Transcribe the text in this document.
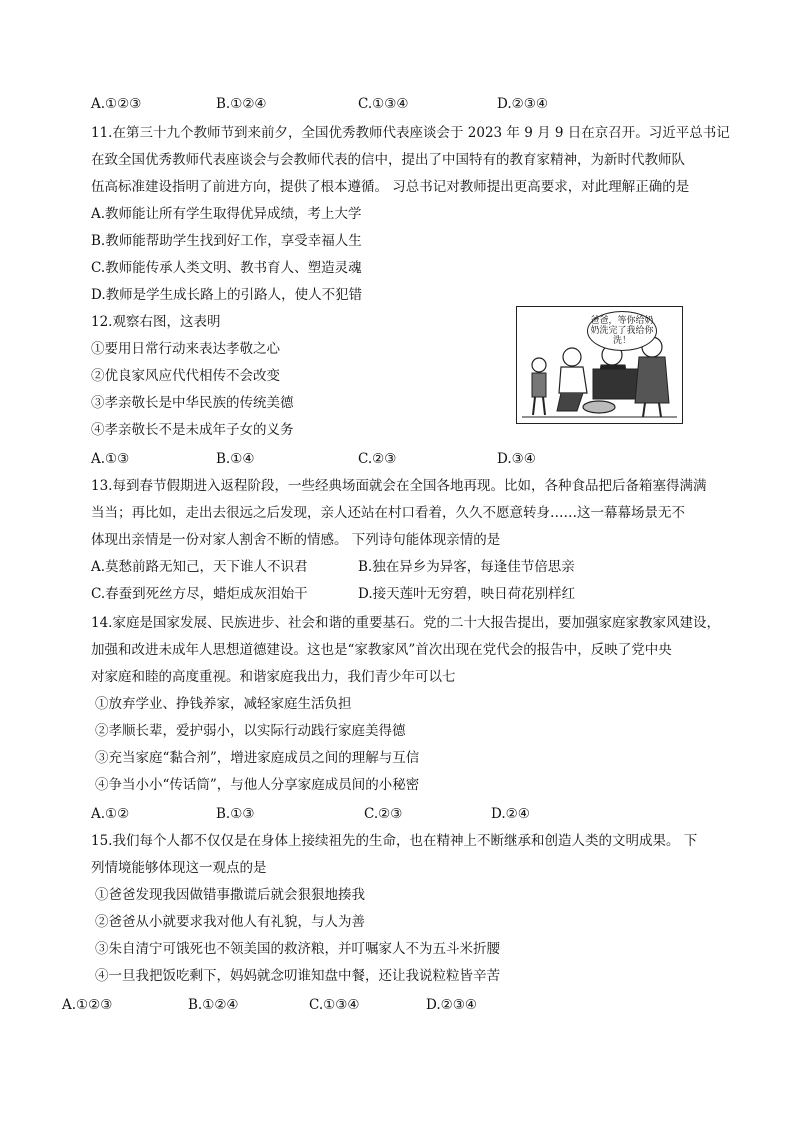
A.①②③	B.①②④	C.①③④	D.②③④
11.在第三十九个教师节到来前夕，全国优秀教师代表座谈会于 2023 年 9 月 9 日在京召开。习近平总书记
在致全国优秀教师代表座谈会与会教师代表的信中，提出了中国特有的教育家精神，为新时代教师队
伍高标准建设指明了前进方向，提供了根本遵循。 习总书记对教师提出更高要求，对此理解正确的是
A.教师能让所有学生取得优异成绩，考上大学
B.教师能帮助学生找到好工作，享受幸福人生
C.教师能传承人类文明、教书育人、塑造灵魂
D.教师是学生成长路上的引路人，使人不犯错
12.观察右图，这表明
①要用日常行动来表达孝敬之心
②优良家风应代代相传不会改变
③孝亲敬长是中华民族的传统美德
④孝亲敬长不是未成年子女的义务
A.①③	B.①④	C.②③	D.③④
爸爸，等你给奶奶洗完了我给你洗！
13.每到春节假期进入返程阶段，一些经典场面就会在全国各地再现。比如，各种食品把后备箱塞得满满
当当；再比如，走出去很远之后发现，亲人还站在村口看着，久久不愿意转身……这一幕幕场景无不
体现出亲情是一份对家人割舍不断的情感。 下列诗句能体现亲情的是
A.莫愁前路无知己，天下谁人不识君	B.独在异乡为异客，每逢佳节倍思亲
C.春蚕到死丝方尽，蜡炬成灰泪始干	D.接天莲叶无穷碧，映日荷花别样红
14.家庭是国家发展、民族进步、社会和谐的重要基石。党的二十大报告提出，要加强家庭家教家风建设，
加强和改进未成年人思想道德建设。这也是“家教家风”首次出现在党代会的报告中，反映了党中央
对家庭和睦的高度重视。和谐家庭我出力，我们青少年可以七
①放弃学业、挣钱养家，减轻家庭生活负担
②孝顺长辈，爱护弱小，以实际行动践行家庭美得德
③充当家庭“黏合剂”，增进家庭成员之间的理解与互信
④争当小小“传话筒”，与他人分享家庭成员间的小秘密
A.①②	B.①③	C.②③	D.②④
15.我们每个人都不仅仅是在身体上接续祖先的生命，也在精神上不断继承和创造人类的文明成果。 下
列情境能够体现这一观点的是
①爸爸发现我因做错事撒谎后就会狠狠地揍我
②爸爸从小就要求我对他人有礼貌，与人为善
③朱自清宁可饿死也不领美国的救济粮，并叮嘱家人不为五斗米折腰
④一旦我把饭吃剩下，妈妈就念叨谁知盘中餐，还让我说粒粒皆辛苦
A.①②③	B.①②④	C.①③④	D.②③④
